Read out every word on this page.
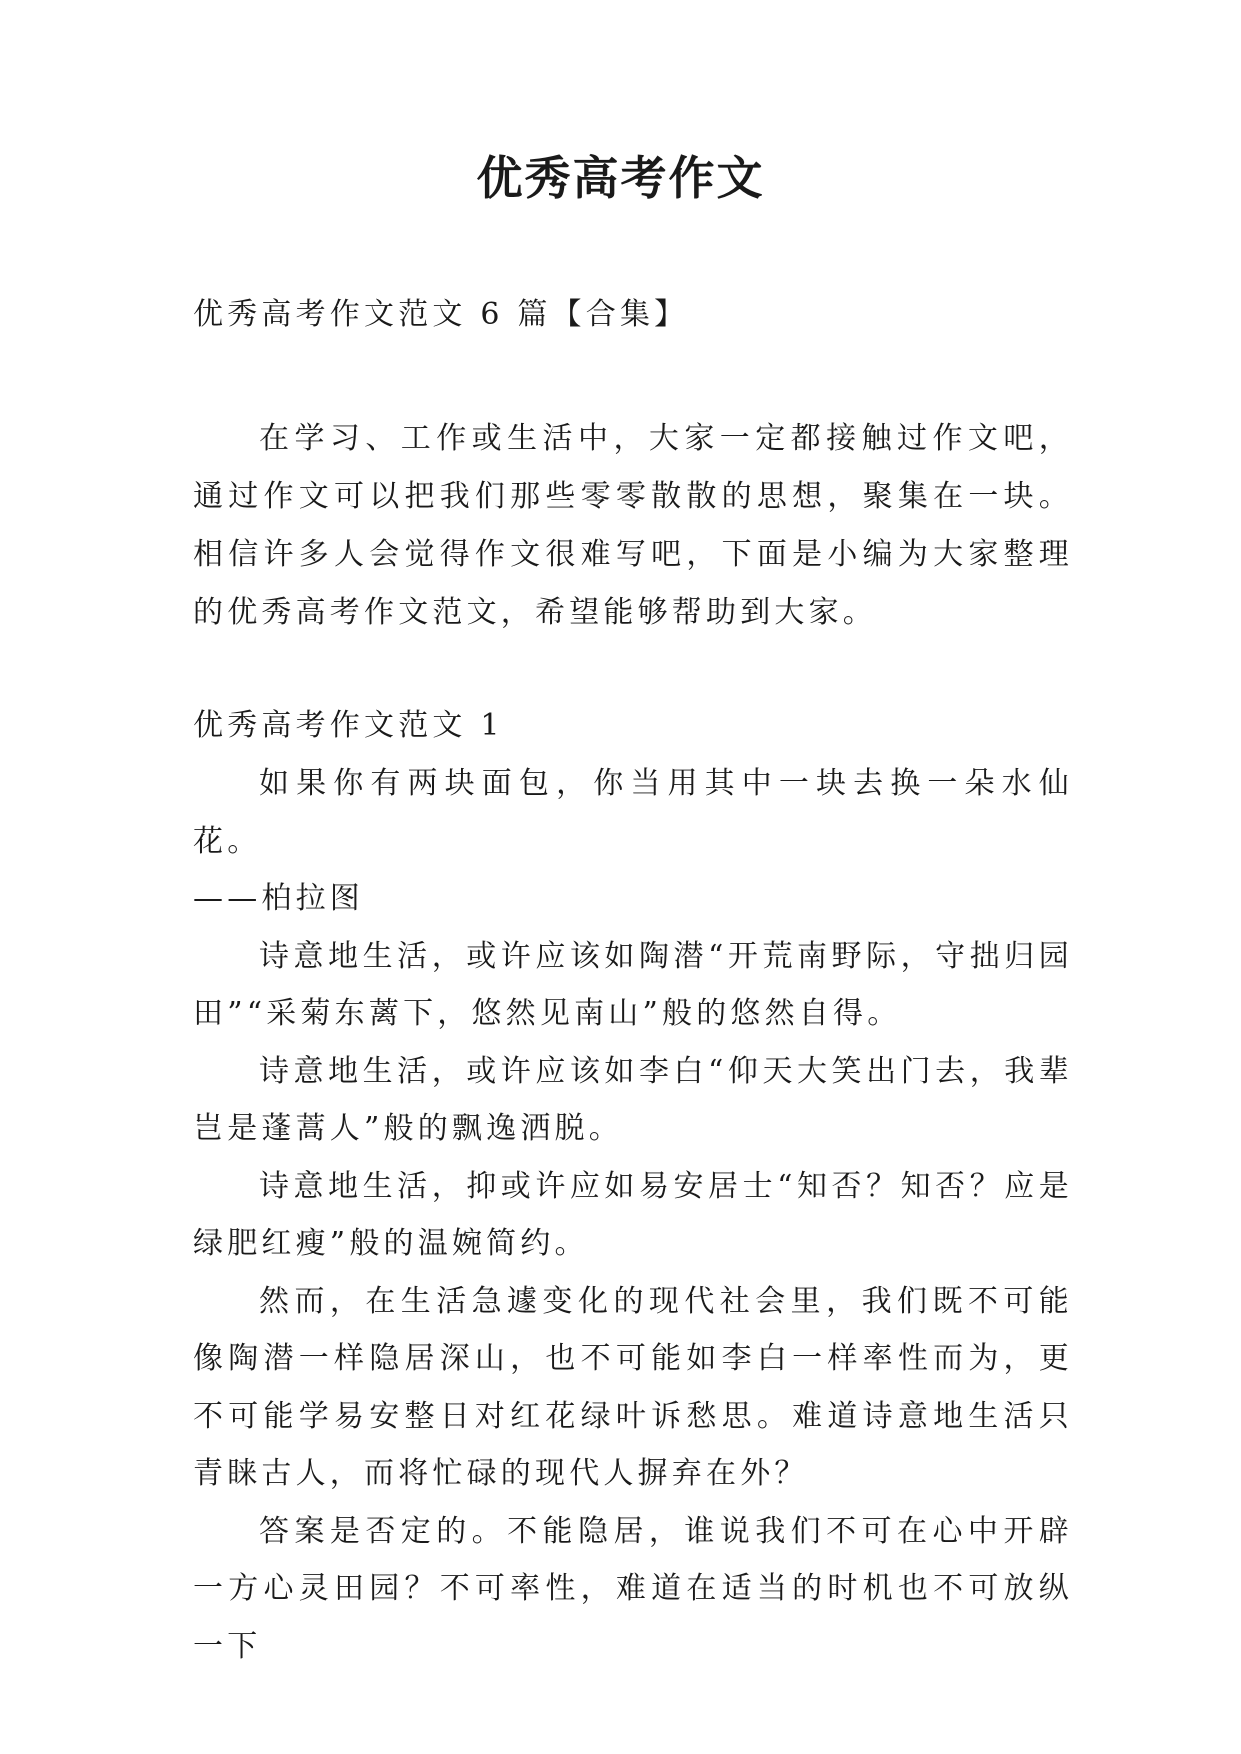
优秀高考作文

优秀高考作文范文 6 篇【合集】

在学习、工作或生活中，大家一定都接触过作文吧，通过作文可以把我们那些零零散散的思想，聚集在一块。相信许多人会觉得作文很难写吧，下面是小编为大家整理的优秀高考作文范文，希望能够帮助到大家。

优秀高考作文范文 1

如果你有两块面包，你当用其中一块去换一朵水仙花。

——柏拉图

诗意地生活，或许应该如陶潜“开荒南野际，守拙归园田”“采菊东蓠下，悠然见南山”般的悠然自得。

诗意地生活，或许应该如李白“仰天大笑出门去，我辈岂是蓬蒿人”般的飘逸洒脱。

诗意地生活，抑或许应如易安居士“知否？知否？应是绿肥红瘦”般的温婉简约。

然而，在生活急遽变化的现代社会里，我们既不可能像陶潜一样隐居深山，也不可能如李白一样率性而为，更不可能学易安整日对红花绿叶诉愁思。难道诗意地生活只青睐古人，而将忙碌的现代人摒弃在外？

答案是否定的。不能隐居，谁说我们不可在心中开辟一方心灵田园？不可率性，难道在适当的时机也不可放纵一下
